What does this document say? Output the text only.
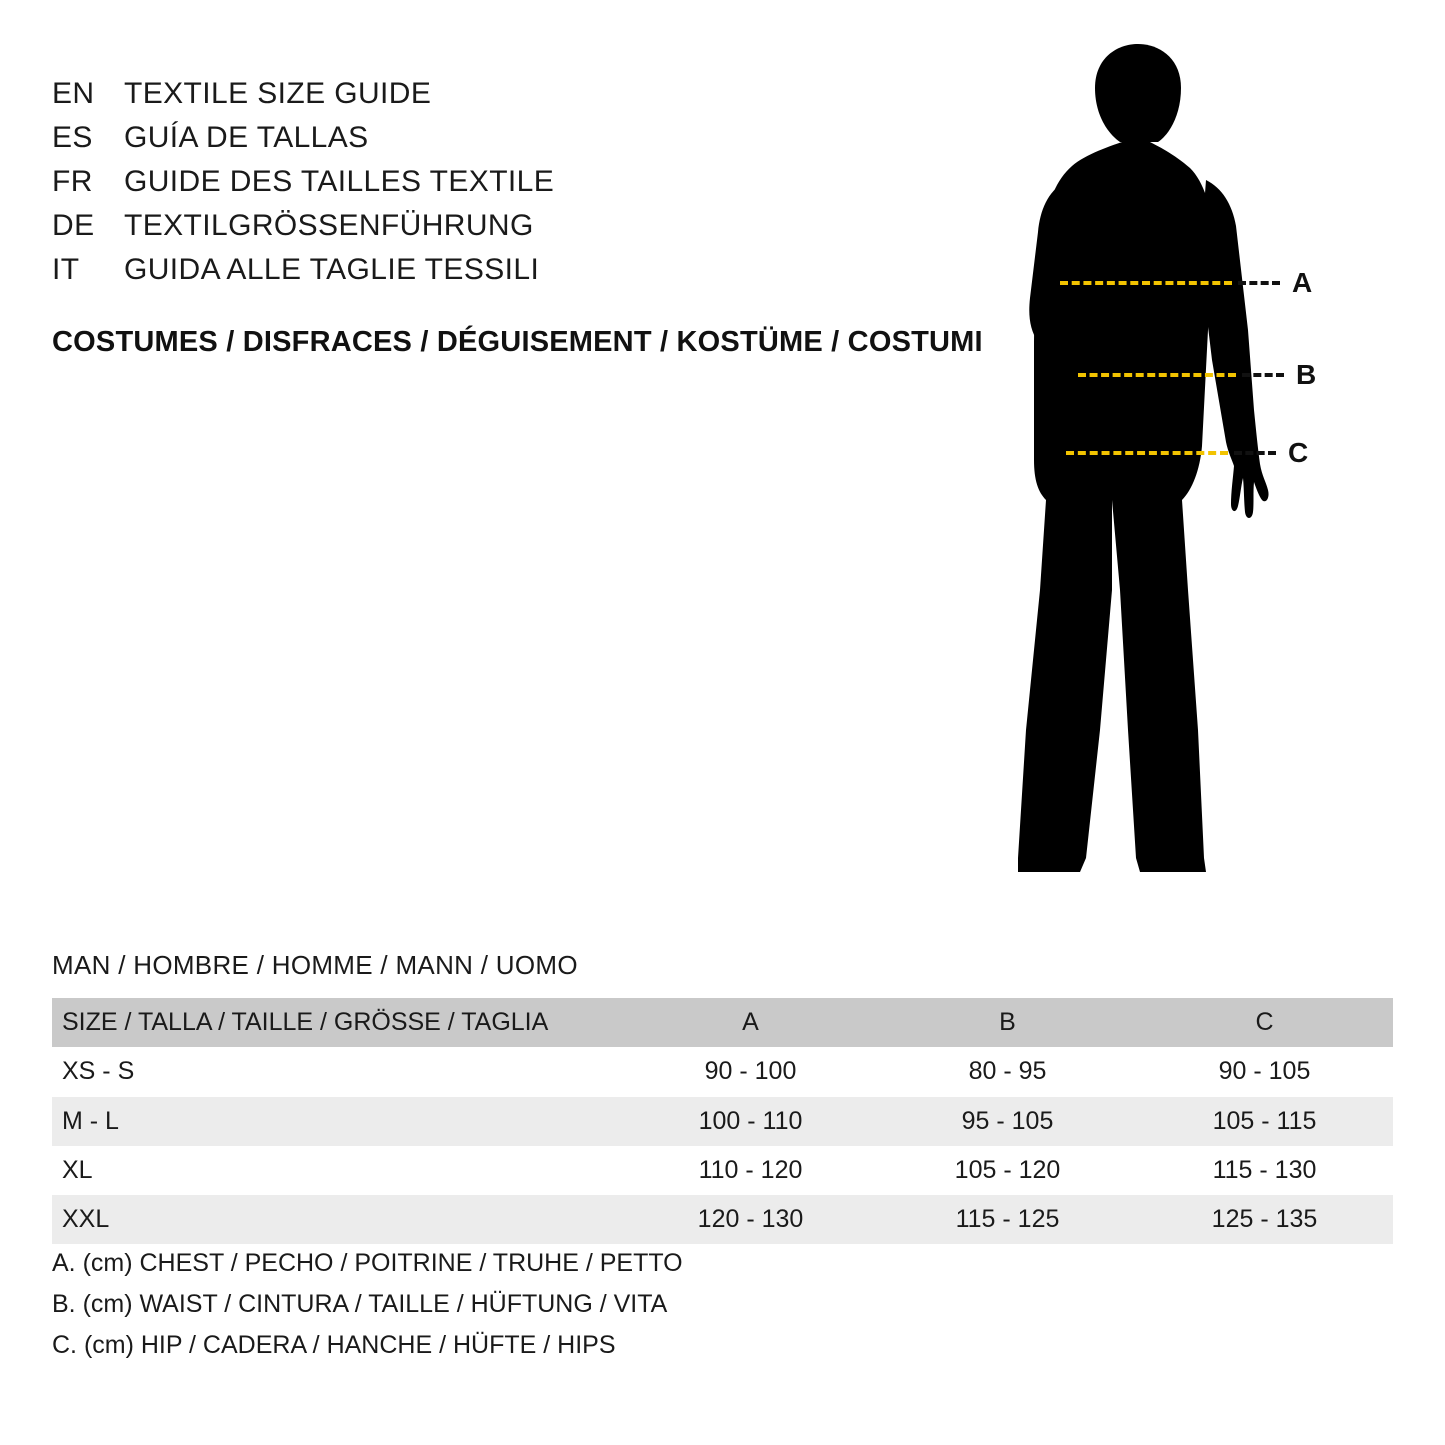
EN TEXTILE SIZE GUIDE
ES	GUÍA DE TALLAS
FR	GUIDE DES TAILLES TEXTILE
DE TEXTILGRÖSSENFÜHRUNG
IT	GUIDA ALLE TAGLIE TESSILI
COSTUMES / DISFRACES / DÉGUISEMENT / KOSTÜME / COSTUMI
A
B
C
MAN / HOMBRE / HOMME / MANN / UOMO
SIZE / TALLA / TAILLE / GRÖSSE / TAGLIA	A	B	C
XS - S	90 - 100	80 - 95	90 - 105
M - L	100 - 110	95 - 105	105 - 115
XL	110 - 120	105 - 120	115 - 130
XXL	120 - 130	115 - 125	125 - 135
A. (cm) CHEST / PECHO / POITRINE / TRUHE / PETTO
B. (cm) WAIST / CINTURA / TAILLE / HÜFTUNG / VITA
C. (cm) HIP / CADERA / HANCHE / HÜFTE / HIPS
